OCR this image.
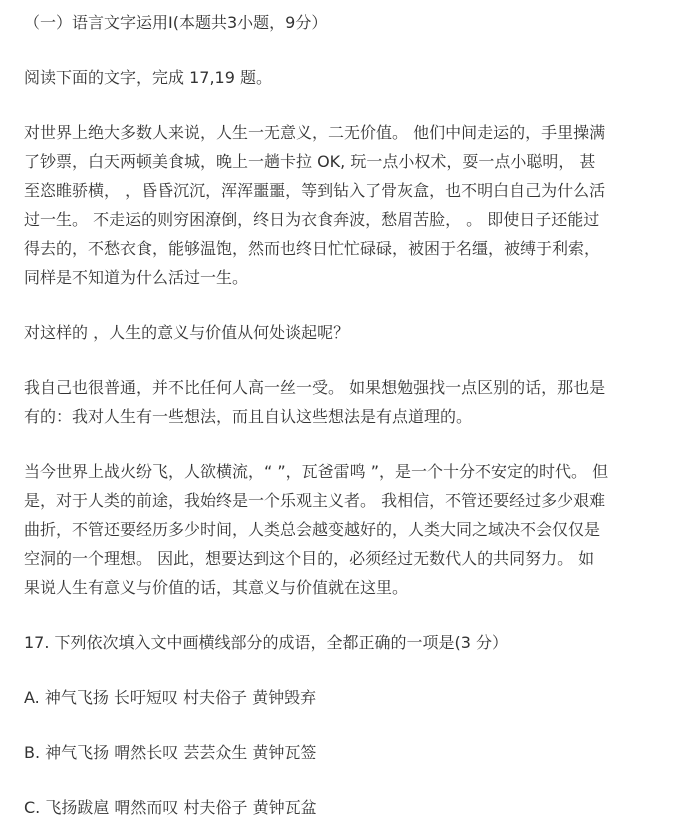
（一）语言文字运用Ⅰ(本题共3小题，9分）
阅读下面的文字，完成 17,19 题。
对世界上绝大多数人来说，人生一无意义，二无价值。 他们中间走运的，手里操满
了钞票，白天两顿美食城，晚上一趟卡拉 OK, 玩一点小权术，耍一点小聪明， 甚
至恣睢骄横， ，昏昏沉沉，浑浑噩噩，等到钻入了骨灰盒，也不明白自己为什么活
过一生。 不走运的则穷困潦倒，终日为衣食奔波，愁眉苦脸， 。 即使日子还能过
得去的，不愁衣食，能够温饱，然而也终日忙忙碌碌，被困于名缰，被缚于利索，
同样是不知道为什么活过一生。
对这样的 ，人生的意义与价值从何处谈起呢？
我自己也很普通，并不比任何人高一丝一受。 如果想勉强找一点区别的话，那也是
有的：我对人生有一些想法，而且自认这些想法是有点道理的。
当今世界上战火纷飞，人欲横流，“ ”，瓦爸雷鸣 ”，是一个十分不安定的时代。 但
是，对于人类的前途，我始终是一个乐观主义者。 我相信，不管还要经过多少艰难
曲折，不管还要经历多少时间，人类总会越变越好的，人类大同之域决不会仅仅是
空洞的一个理想。 因此，想要达到这个目的，必须经过无数代人的共同努力。 如
果说人生有意义与价值的话，其意义与价值就在这里。
17. 下列依次填入文中画横线部分的成语，全都正确的一项是(3 分）
A. 神气飞扬 长吁短叹 村夫俗子 黄钟毁弃
B. 神气飞扬 喟然长叹 芸芸众生 黄钟瓦签
C. 飞扬跋扈 喟然而叹 村夫俗子 黄钟瓦盆
